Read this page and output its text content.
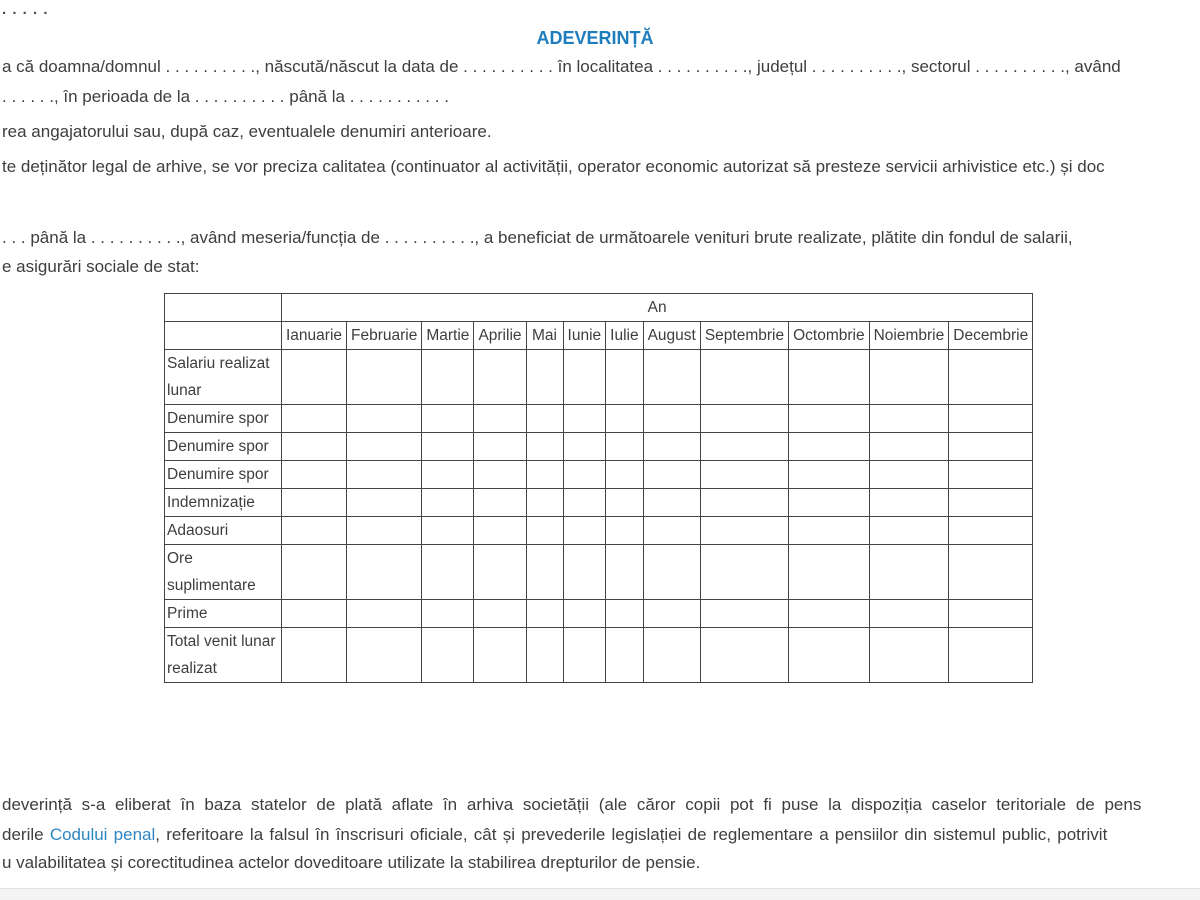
. . . . .
ADEVERINȚĂ
a că doamna/domnul . . . . . . . . . ., născută/născut la data de . . . . . . . . . . în localitatea . . . . . . . . . ., județul . . . . . . . . . ., sectorul . . . . . . . . . ., având
. . . . . ., în perioada de la . . . . . . . . . . până la . . . . . . . . . . .
rea angajatorului sau, după caz, eventualele denumiri anterioare.
te deținător legal de arhive, se vor preciza calitatea (continuator al activității, operator economic autorizat să presteze servicii arhivistice etc.) și doc
. . . până la . . . . . . . . . ., având meseria/funcția de . . . . . . . . . ., a beneficiat de următoarele venituri brute realizate, plătite din fondul de salarii,
e asigurări sociale de stat:
	An											
	Ianuarie	Februarie	Martie	Aprilie	Mai	Iunie	Iulie	August	Septembrie	Octombrie	Noiembrie	Decembrie
Salariu realizat lunar												
Denumire spor												
Denumire spor												
Denumire spor												
Indemnizație												
Adaosuri												
Ore suplimentare												
Prime												
Total venit lunar realizat												
deverință s-a eliberat în baza statelor de plată aflate în arhiva societății (ale căror copii pot fi puse la dispoziția caselor teritoriale de pens
derile Codului penal, referitoare la falsul în înscrisuri oficiale, cât și prevederile legislației de reglementare a pensiilor din sistemul public, potrivit
u valabilitatea și corectitudinea actelor doveditoare utilizate la stabilirea drepturilor de pensie.
